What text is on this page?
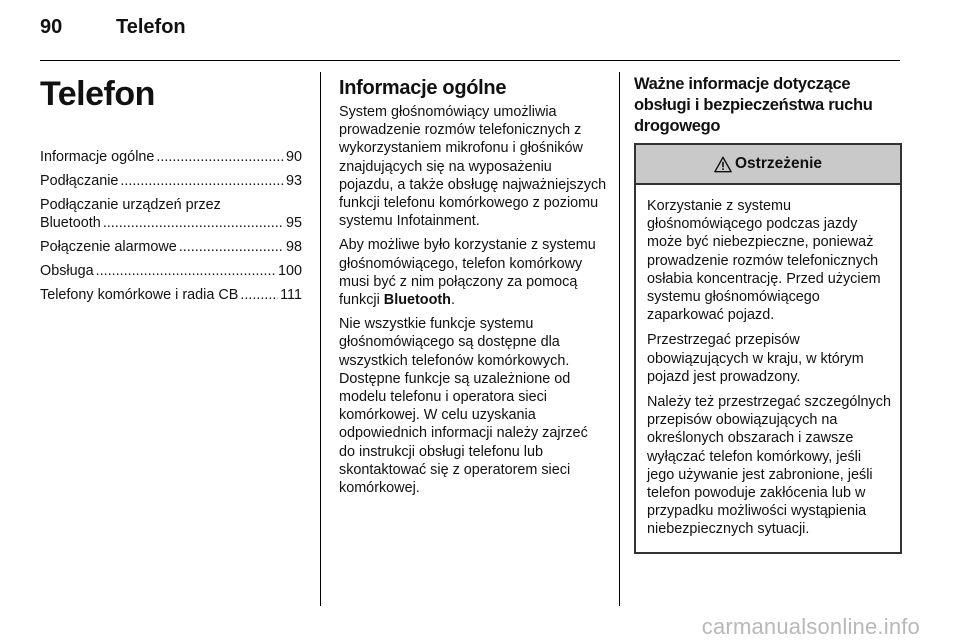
90	Telefon
Telefon
Informacje ogólne .....	90
Podłączanie .....	93
Podłączanie urządzeń przez
Bluetooth .....	95
Połączenie alarmowe .....	98
Obsługa .....	100
Telefony komórkowe i radia CB .....	111
Informacje ogólne

System głośnomówiący umożliwia prowadzenie rozmów telefonicznych z wykorzystaniem mikrofonu i głośników znajdujących się na wyposażeniu pojazdu, a także obsługę najważniejszych funkcji telefonu komórkowego z poziomu systemu Infotainment.

Aby możliwe było korzystanie z systemu głośnomówiącego, telefon komórkowy musi być z nim połączony za pomocą funkcji Bluetooth.

Nie wszystkie funkcje systemu głośnomówiącego są dostępne dla wszystkich telefonów komórkowych. Dostępne funkcje są uzależnione od modelu telefonu i operatora sieci komórkowej. W celu uzyskania odpowiednich informacji należy zajrzeć do instrukcji obsługi telefonu lub skontaktować się z operatorem sieci komórkowej.

Ważne informacje dotyczące obsługi i bezpieczeństwa ruchu drogowego
Ostrzeżenie

Korzystanie z systemu głośnomówiącego podczas jazdy może być niebezpieczne, ponieważ prowadzenie rozmów telefonicznych osłabia koncentrację. Przed użyciem systemu głośnomówiącego zaparkować pojazd.

Przestrzegać przepisów obowiązujących w kraju, w którym pojazd jest prowadzony.

Należy też przestrzegać szczególnych przepisów obowiązujących na określonych obszarach i zawsze wyłączać telefon komórkowy, jeśli jego używanie jest zabronione, jeśli telefon powoduje zakłócenia lub w przypadku możliwości wystąpienia niebezpiecznych sytuacji.

carmanualsonline.info
